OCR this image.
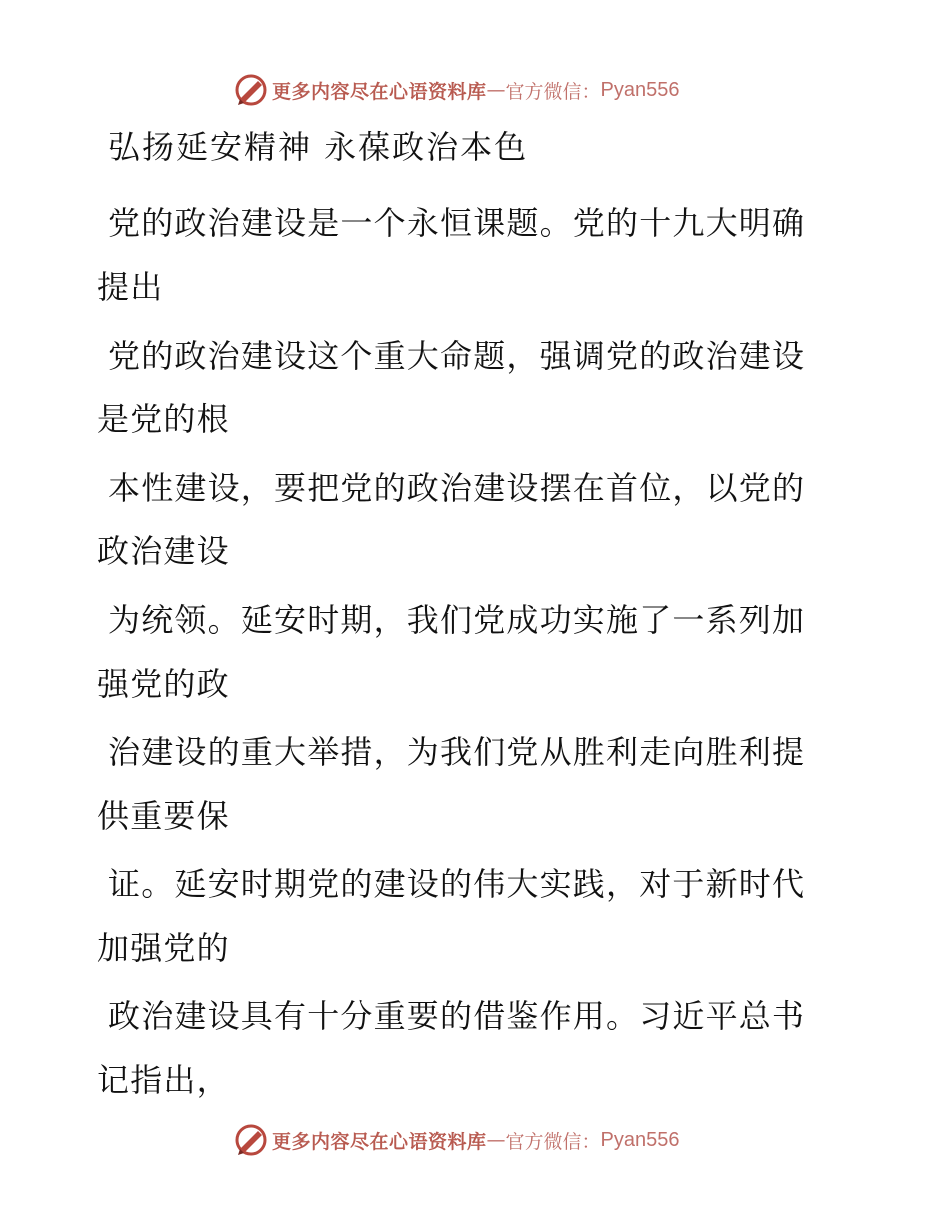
更多内容尽在心语资料库 — 官方微信： Pyan556
弘扬延安精神 永葆政治本色
党的政治建设是一个永恒课题。党的十九大明确
提出
党的政治建设这个重大命题，强调党的政治建设
是党的根
本性建设，要把党的政治建设摆在首位，以党的
政治建设
为统领。延安时期，我们党成功实施了一系列加
强党的政
治建设的重大举措，为我们党从胜利走向胜利提
供重要保
证。延安时期党的建设的伟大实践，对于新时代
加强党的
政治建设具有十分重要的借鉴作用。习近平总书
记指出，
更多内容尽在心语资料库 — 官方微信： Pyan556
